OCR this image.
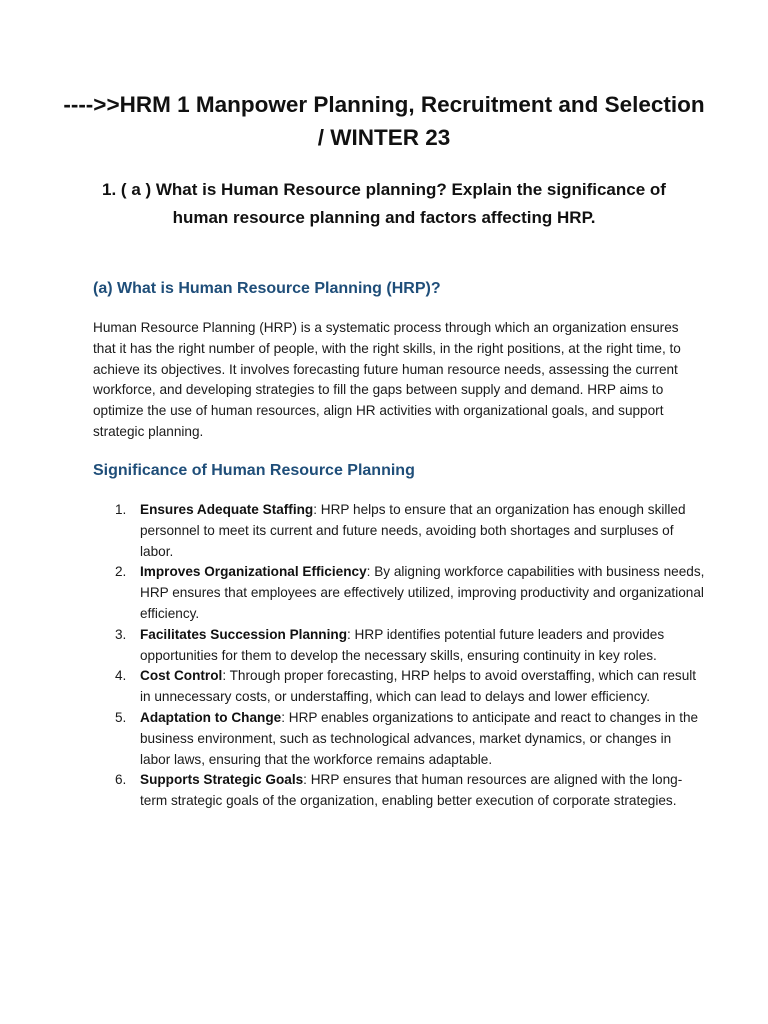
---->>HRM 1 Manpower Planning, Recruitment and Selection / WINTER 23
1. ( a ) What is Human Resource planning? Explain the significance of human resource planning and factors affecting HRP.
(a) What is Human Resource Planning (HRP)?

Human Resource Planning (HRP) is a systematic process through which an organization ensures that it has the right number of people, with the right skills, in the right positions, at the right time, to achieve its objectives. It involves forecasting future human resource needs, assessing the current workforce, and developing strategies to fill the gaps between supply and demand. HRP aims to optimize the use of human resources, align HR activities with organizational goals, and support strategic planning.

Significance of Human Resource Planning
1. Ensures Adequate Staffing: HRP helps to ensure that an organization has enough skilled personnel to meet its current and future needs, avoiding both shortages and surpluses of labor.
2. Improves Organizational Efficiency: By aligning workforce capabilities with business needs, HRP ensures that employees are effectively utilized, improving productivity and organizational efficiency.
3. Facilitates Succession Planning: HRP identifies potential future leaders and provides opportunities for them to develop the necessary skills, ensuring continuity in key roles.
4. Cost Control: Through proper forecasting, HRP helps to avoid overstaffing, which can result in unnecessary costs, or understaffing, which can lead to delays and lower efficiency.
5. Adaptation to Change: HRP enables organizations to anticipate and react to changes in the business environment, such as technological advances, market dynamics, or changes in labor laws, ensuring that the workforce remains adaptable.
6. Supports Strategic Goals: HRP ensures that human resources are aligned with the long-term strategic goals of the organization, enabling better execution of corporate strategies.
